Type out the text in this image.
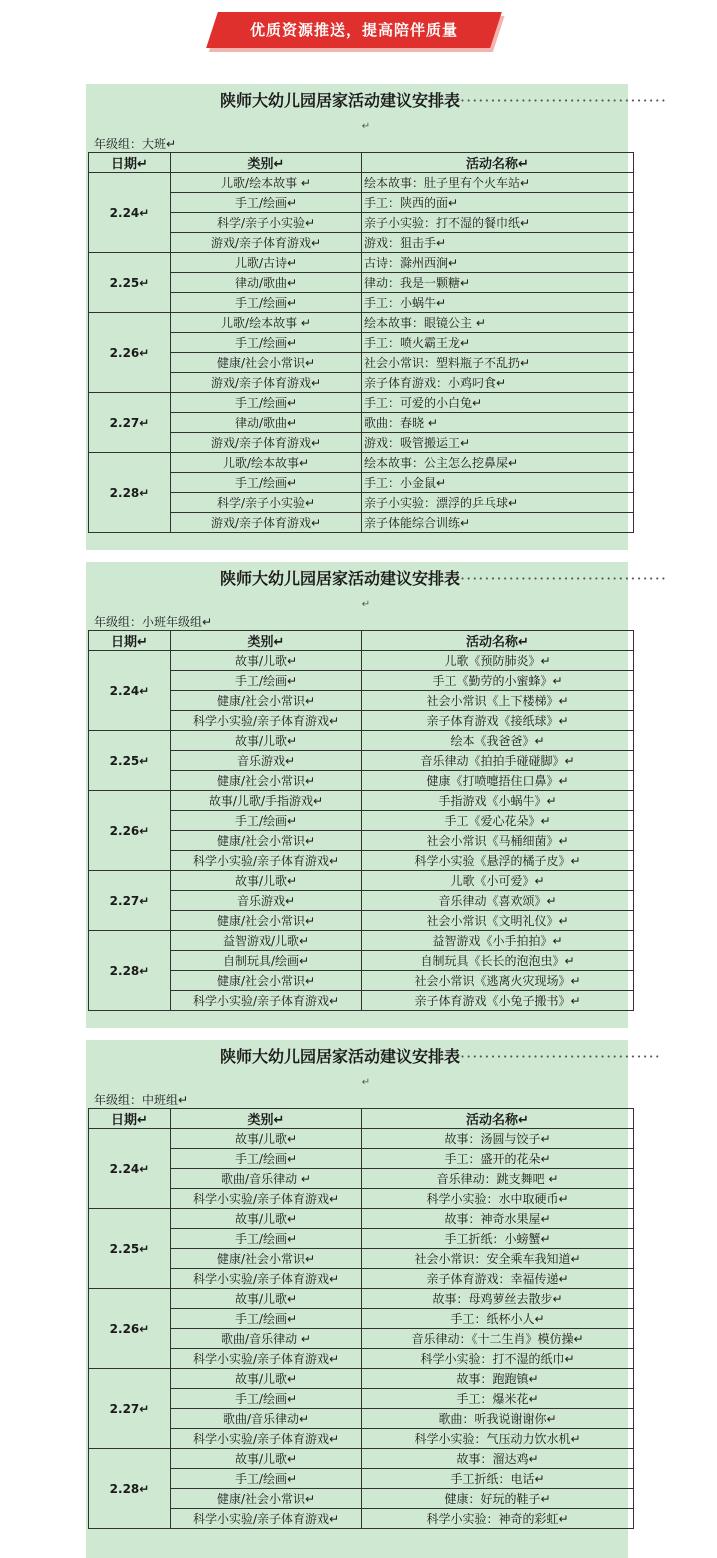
优质资源推送，提高陪伴质量
陕师大幼儿园居家活动建议安排表··································
↵
年级组：大班↵
日期↵	类别↵	活动名称↵
2.24↵	儿歌/绘本故事 ↵	绘本故事：肚子里有个火车站↵
	手工/绘画↵	手工：陕西的面↵
	科学/亲子小实验↵	亲子小实验：打不湿的餐巾纸↵
	游戏/亲子体育游戏↵	游戏：狙击手↵
2.25↵	儿歌/古诗↵	古诗：滁州西涧↵
	律动/歌曲↵	律动：我是一颗糖↵
	手工/绘画↵	手工：小蜗牛↵
2.26↵	儿歌/绘本故事 ↵	绘本故事：眼镜公主 ↵
	手工/绘画↵	手工：喷火霸王龙↵
	健康/社会小常识↵	社会小常识：塑料瓶子不乱扔↵
	游戏/亲子体育游戏↵	亲子体育游戏：小鸡叼食↵
2.27↵	手工/绘画↵	手工：可爱的小白兔↵
	律动/歌曲↵	歌曲：春晓 ↵
	游戏/亲子体育游戏↵	游戏：吸管搬运工↵
2.28↵	儿歌/绘本故事↵	绘本故事：公主怎么挖鼻屎↵
	手工/绘画↵	手工：小金鼠↵
	科学/亲子小实验↵	亲子小实验：漂浮的乒乓球↵
	游戏/亲子体育游戏↵	亲子体能综合训练↵
陕师大幼儿园居家活动建议安排表··································
↵
年级组：小班年级组↵
日期↵	类别↵	活动名称↵
2.24↵	故事/儿歌↵	儿歌《预防肺炎》↵
	手工/绘画↵	手工《勤劳的小蜜蜂》↵
	健康/社会小常识↵	社会小常识《上下楼梯》↵
	科学小实验/亲子体育游戏↵	亲子体育游戏《接纸球》↵
2.25↵	故事/儿歌↵	绘本《我爸爸》↵
	音乐游戏↵	音乐律动《拍拍手碰碰脚》↵
	健康/社会小常识↵	健康《打喷嚏捂住口鼻》↵
2.26↵	故事/儿歌/手指游戏↵	手指游戏《小蜗牛》↵
	手工/绘画↵	手工《爱心花朵》↵
	健康/社会小常识↵	社会小常识《马桶细菌》↵
	科学小实验/亲子体育游戏↵	科学小实验《悬浮的橘子皮》↵
2.27↵	故事/儿歌↵	儿歌《小可爱》↵
	音乐游戏↵	音乐律动《喜欢颂》↵
	健康/社会小常识↵	社会小常识《文明礼仪》↵
2.28↵	益智游戏/儿歌↵	益智游戏《小手拍拍》↵
	自制玩具/绘画↵	自制玩具《长长的泡泡虫》↵
	健康/社会小常识↵	社会小常识《逃离火灾现场》↵
	科学小实验/亲子体育游戏↵	亲子体育游戏《小兔子搬书》↵
陕师大幼儿园居家活动建议安排表·································
↵
年级组：中班组↵
日期↵	类别↵	活动名称↵
2.24↵	故事/儿歌↵	故事：汤圆与饺子↵
	手工/绘画↵	手工：盛开的花朵↵
	歌曲/音乐律动 ↵	音乐律动：跳支舞吧 ↵
	科学小实验/亲子体育游戏↵	科学小实验：水中取硬币↵
2.25↵	故事/儿歌↵	故事：神奇水果屋↵
	手工/绘画↵	手工折纸：小螃蟹↵
	健康/社会小常识↵	社会小常识：安全乘车我知道↵
	科学小实验/亲子体育游戏↵	亲子体育游戏：幸福传递↵
2.26↵	故事/儿歌↵	故事：母鸡萝丝去散步↵
	手工/绘画↵	手工：纸杯小人↵
	歌曲/音乐律动 ↵	音乐律动：《十二生肖》模仿操↵
	科学小实验/亲子体育游戏↵	科学小实验：打不湿的纸巾↵
2.27↵	故事/儿歌↵	故事：跑跑镇↵
	手工/绘画↵	手工：爆米花↵
	歌曲/音乐律动↵	歌曲：听我说谢谢你↵
	科学小实验/亲子体育游戏↵	科学小实验：气压动力饮水机↵
2.28↵	故事/儿歌↵	故事：溜达鸡↵
	手工/绘画↵	手工折纸：电话↵
	健康/社会小常识↵	健康：好玩的鞋子↵
	科学小实验/亲子体育游戏↵	科学小实验：神奇的彩虹↵
